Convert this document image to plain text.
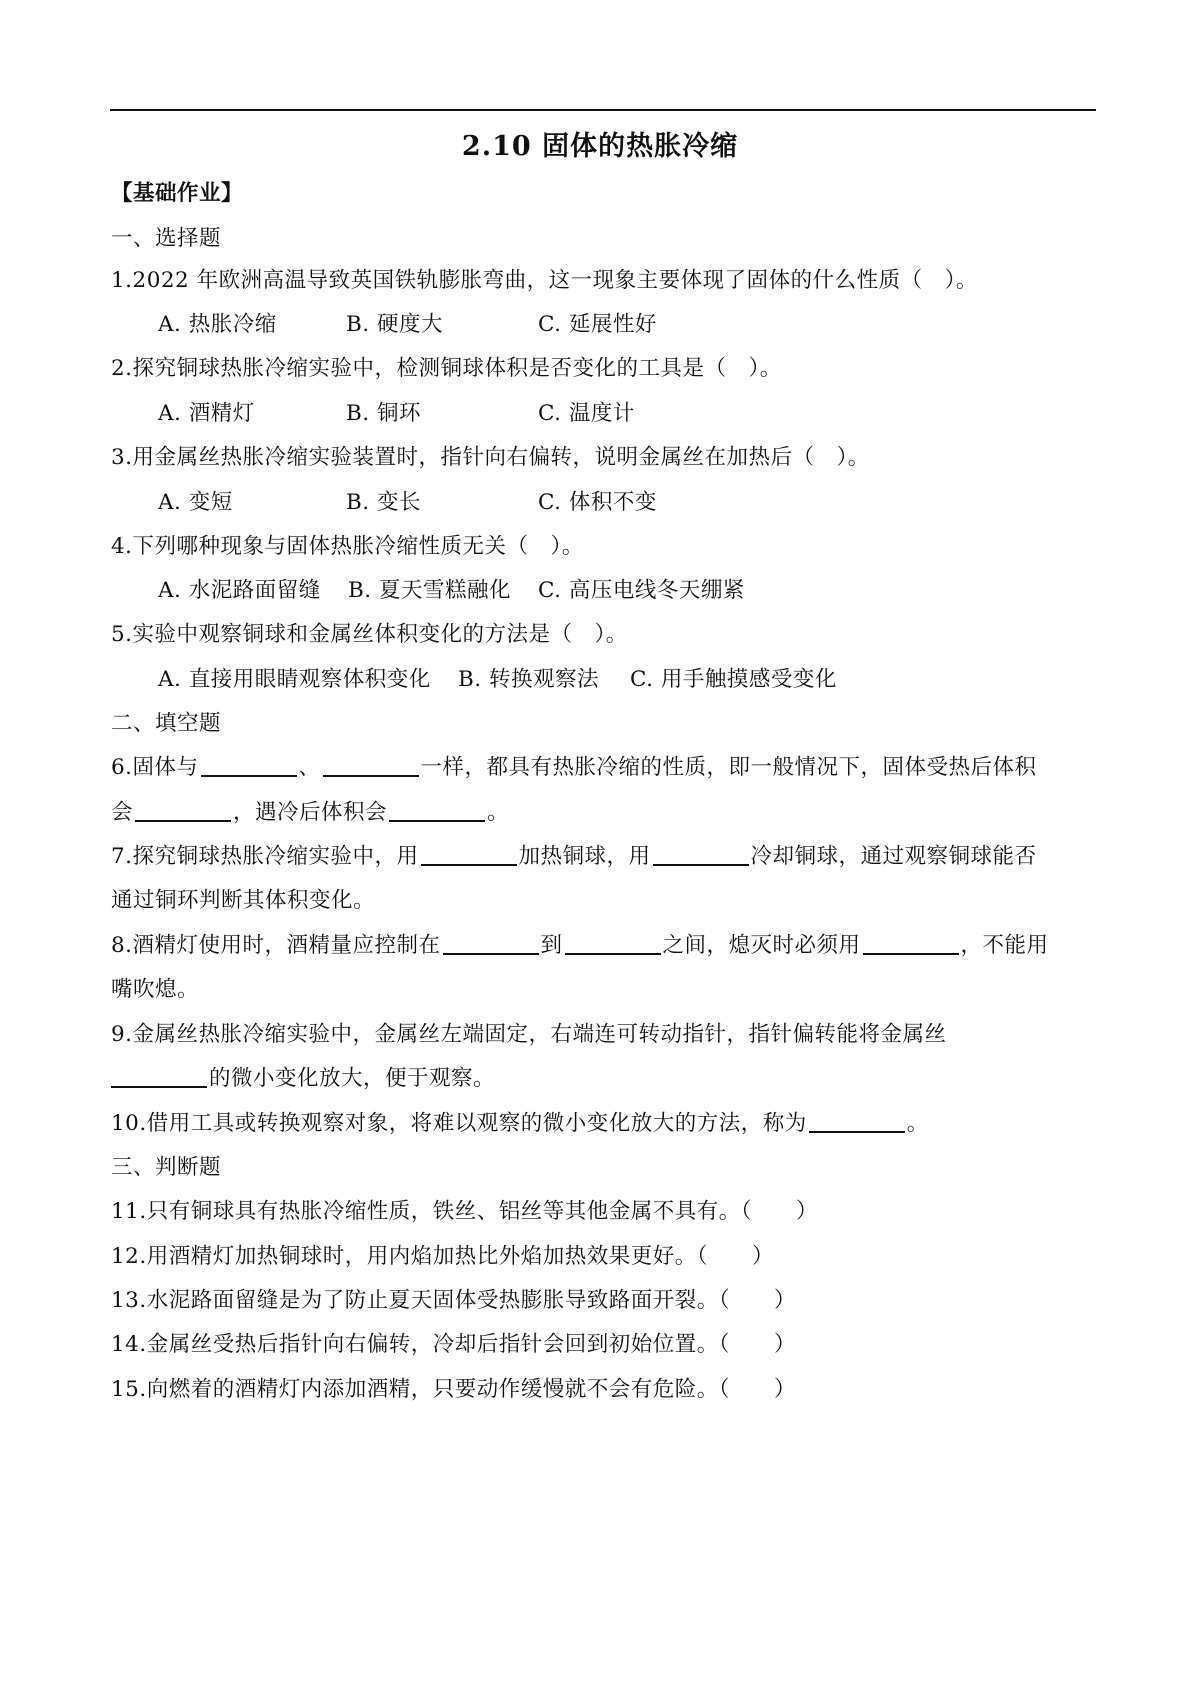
2.10 固体的热胀冷缩
【基础作业】
一、选择题
1.2022 年欧洲高温导致英国铁轨膨胀弯曲，这一现象主要体现了固体的什么性质（　）。
A. 热胀冷缩	B. 硬度大	C. 延展性好
2.探究铜球热胀冷缩实验中，检测铜球体积是否变化的工具是（　）。
A. 酒精灯	B. 铜环	C. 温度计
3.用金属丝热胀冷缩实验装置时，指针向右偏转，说明金属丝在加热后（　）。
A. 变短	B. 变长	C. 体积不变
4.下列哪种现象与固体热胀冷缩性质无关（　）。
A. 水泥路面留缝 B. 夏天雪糕融化 C. 高压电线冬天绷紧
5.实验中观察铜球和金属丝体积变化的方法是（　）。
A. 直接用眼睛观察体积变化 B. 转换观察法 C. 用手触摸感受变化
二、填空题
6.固体与	、	一样，都具有热胀冷缩的性质，即一般情况下，固体受热后体积
会	，遇冷后体积会	。
7.探究铜球热胀冷缩实验中，用	加热铜球，用	冷却铜球，通过观察铜球能否
通过铜环判断其体积变化。
8.酒精灯使用时，酒精量应控制在	到	之间，熄灭时必须用	，不能用
嘴吹熄。
9.金属丝热胀冷缩实验中，金属丝左端固定，右端连可转动指针，指针偏转能将金属丝
的微小变化放大，便于观察。
10.借用工具或转换观察对象，将难以观察的微小变化放大的方法，称为	。
三、判断题
11.只有铜球具有热胀冷缩性质，铁丝、铝丝等其他金属不具有。（　　）
12.用酒精灯加热铜球时，用内焰加热比外焰加热效果更好。（　　）
13.水泥路面留缝是为了防止夏天固体受热膨胀导致路面开裂。（　　）
14.金属丝受热后指针向右偏转，冷却后指针会回到初始位置。（　　）
15.向燃着的酒精灯内添加酒精，只要动作缓慢就不会有危险。（　　）
